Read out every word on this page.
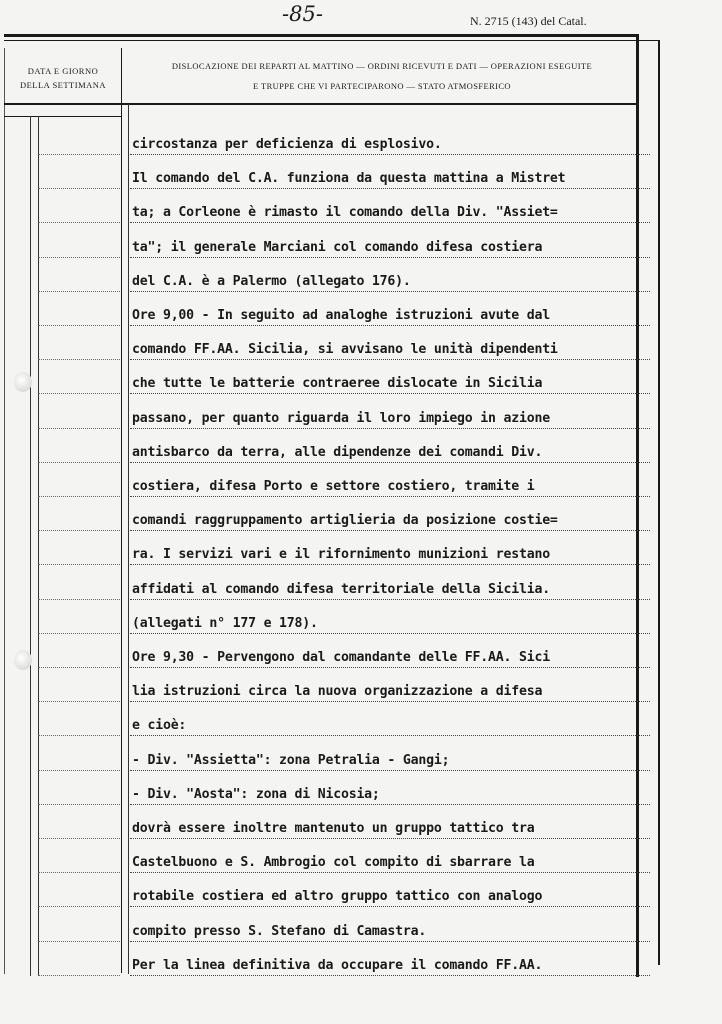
-85-	N. 2715 (143) del Catal.
DATA E GIORNO
DELLA SETTIMANA
DISLOCAZIONE DEI REPARTI AL MATTINO — ORDINI RICEVUTI E DATI — OPERAZIONI ESEGUITE
E TRUPPE CHE VI PARTECIPARONO — STATO ATMOSFERICO
circostanza per deficienza di esplosivo.
Il comando del C.A. funziona da questa mattina a Mistret
ta; a Corleone è rimasto il comando della Div. "Assiet=
ta"; il generale Marciani col comando difesa costiera
del C.A. è a Palermo (allegato 176).
Ore 9,00 - In seguito ad analoghe istruzioni avute dal
comando FF.AA. Sicilia, si avvisano le unità dipendenti
che tutte le batterie contraeree dislocate in Sicilia
passano, per quanto riguarda il loro impiego in azione
antisbarco da terra, alle dipendenze dei comandi Div.
costiera, difesa Porto e settore costiero, tramite i
comandi raggruppamento artiglieria da posizione costie=
ra. I servizi vari e il rifornimento munizioni restano
affidati al comando difesa territoriale della Sicilia.
(allegati n° 177 e 178).
Ore 9,30 - Pervengono dal comandante delle FF.AA. Sici
lia istruzioni circa la nuova organizzazione a difesa
e cioè:
- Div. "Assietta": zona Petralia - Gangi;
- Div. "Aosta": zona di Nicosia;
dovrà essere inoltre mantenuto un gruppo tattico tra
Castelbuono e S. Ambrogio col compito di sbarrare la
rotabile costiera ed altro gruppo tattico con analogo
compito presso S. Stefano di Camastra.
Per la linea definitiva da occupare il comando FF.AA.
